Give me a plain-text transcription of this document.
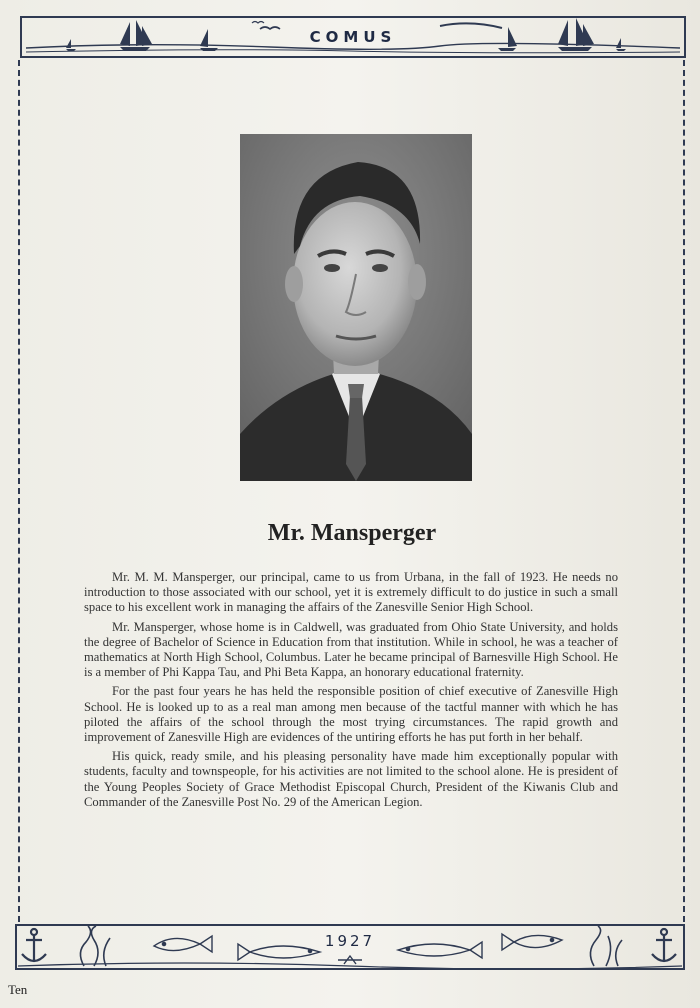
COMUS
Mr. Mansperger

Mr. M. M. Mansperger, our principal, came to us from Urbana, in the fall of 1923. He needs no introduction to those associated with our school, yet it is extremely difficult to do justice in such a small space to his excellent work in managing the affairs of the Zanesville Senior High School.

Mr. Mansperger, whose home is in Caldwell, was graduated from Ohio State University, and holds the degree of Bachelor of Science in Education from that institution. While in school, he was a teacher of mathematics at North High School, Columbus. Later he became principal of Barnesville High School. He is a member of Phi Kappa Tau, and Phi Beta Kappa, an honorary educational fraternity.

For the past four years he has held the responsible position of chief executive of Zanesville High School. He is looked up to as a real man among men because of the tactful manner with which he has piloted the affairs of the school through the most trying circumstances. The rapid growth and improvement of Zanesville High are evidences of the untiring efforts he has put forth in her behalf.

His quick, ready smile, and his pleasing personality have made him exceptionally popular with students, faculty and townspeople, for his activities are not limited to the school alone. He is president of the Young Peoples Society of Grace Methodist Episcopal Church, President of the Kiwanis Club and Commander of the Zanesville Post No. 29 of the American Legion.

1927
Ten
